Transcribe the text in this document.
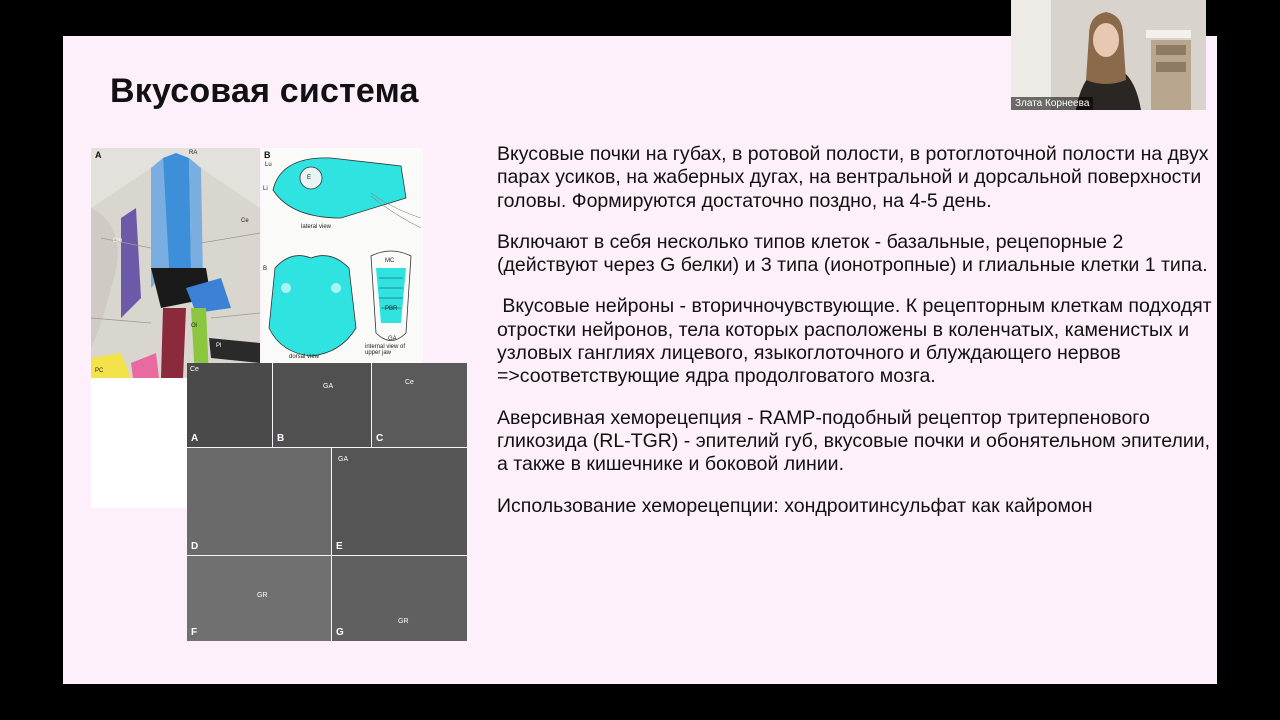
Вкусовая система
A	RA
Ce
Cm
Ol
Pl
PC
B
Lu
Li
E
B
MC
PBR
GA
lateral view
dorsal view
internal view of upper jaw
Ce
A
GA
B
Ce
C
D
GA
E
GR
F
GR
G

Вкусовые почки на губах, в ротовой полости, в ротоглоточной полости на двух парах усиков, на жаберных дугах, на вентральной и дорсальной поверхности головы. Формируются достаточно поздно, на 4-5 день.

Включают в себя несколько типов клеток - базальные, рецепорные 2 (действуют через G белки) и 3 типа (ионотропные) и глиальные клетки 1 типа.

Вкусовые нейроны - вторичночувствующие. К рецепторным клеткам подходят отростки нейронов, тела которых расположены в коленчатых, каменистых и узловых ганглиях лицевого, языкоглоточного и блуждающего нервов =>соответствующие ядра продолговатого мозга.

Аверсивная хеморецепция - RAMP-подобный рецептор тритерпенового гликозида (RL-TGR) - эпителий губ, вкусовые почки и обонятельном эпителии, а также в кишечнике и боковой линии.

Использование хеморецепции: хондроитинсульфат как кайромон

Злата Корнеева
